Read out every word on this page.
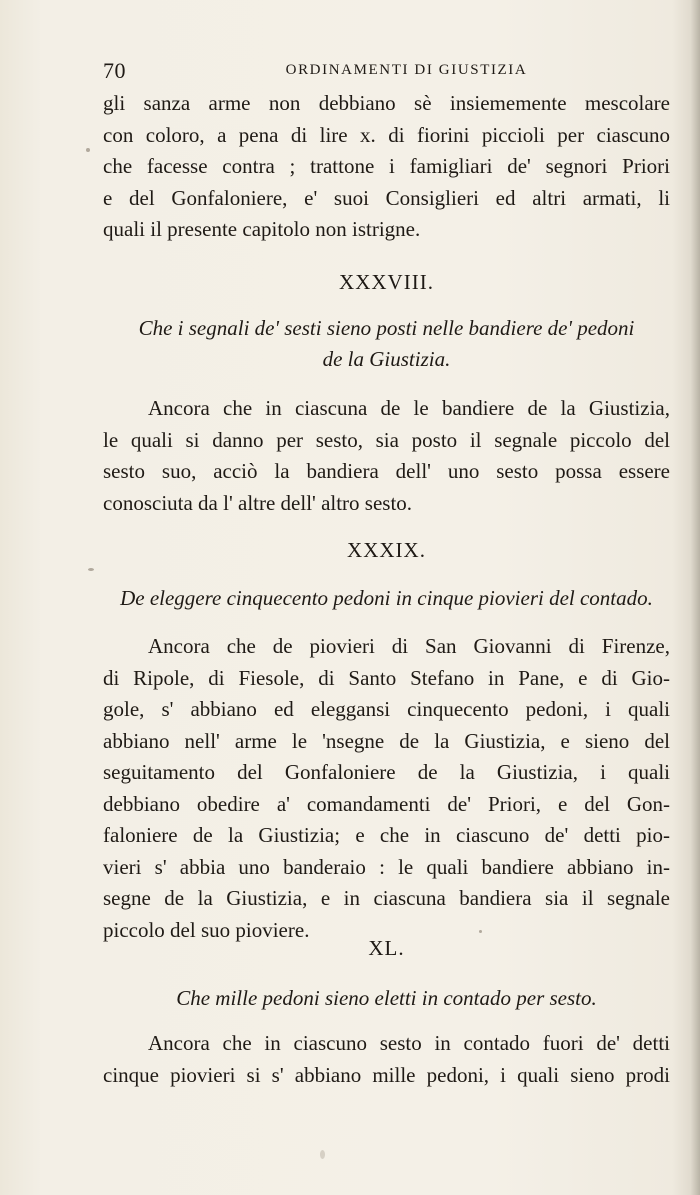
70	ORDINAMENTI DI GIUSTIZIA

gli sanza arme non debbiano sè insiememente mescolare

con coloro, a pena di lire x. di fiorini piccioli per ciascuno

che facesse contra ; trattone i famigliari de' segnori Priori

e del Gonfaloniere, e' suoi Consiglieri ed altri armati, li

quali il presente capitolo non istrigne.

XXXVIII.
Che i segnali de' sesti sieno posti nelle bandiere de' pedoni
de la Giustizia.

Ancora che in ciascuna de le bandiere de la Giustizia,

le quali si danno per sesto, sia posto il segnale piccolo del

sesto suo, acciò la bandiera dell' uno sesto possa essere

conosciuta da l' altre dell' altro sesto.

XXXIX.
De eleggere cinquecento pedoni in cinque piovieri del contado.

Ancora che de piovieri di San Giovanni di Firenze,

di Ripole, di Fiesole, di Santo Stefano in Pane, e di Gio-

gole, s' abbiano ed eleggansi cinquecento pedoni, i quali

abbiano nell' arme le 'nsegne de la Giustizia, e sieno del

seguitamento del Gonfaloniere de la Giustizia, i quali

debbiano obedire a' comandamenti de' Priori, e del Gon-

faloniere de la Giustizia; e che in ciascuno de' detti pio-

vieri s' abbia uno banderaio : le quali bandiere abbiano in-

segne de la Giustizia, e in ciascuna bandiera sia il segnale

piccolo del suo pioviere.

XL.
Che mille pedoni sieno eletti in contado per sesto.

Ancora che in ciascuno sesto in contado fuori de' detti

cinque piovieri si s' abbiano mille pedoni, i quali sieno prodi
